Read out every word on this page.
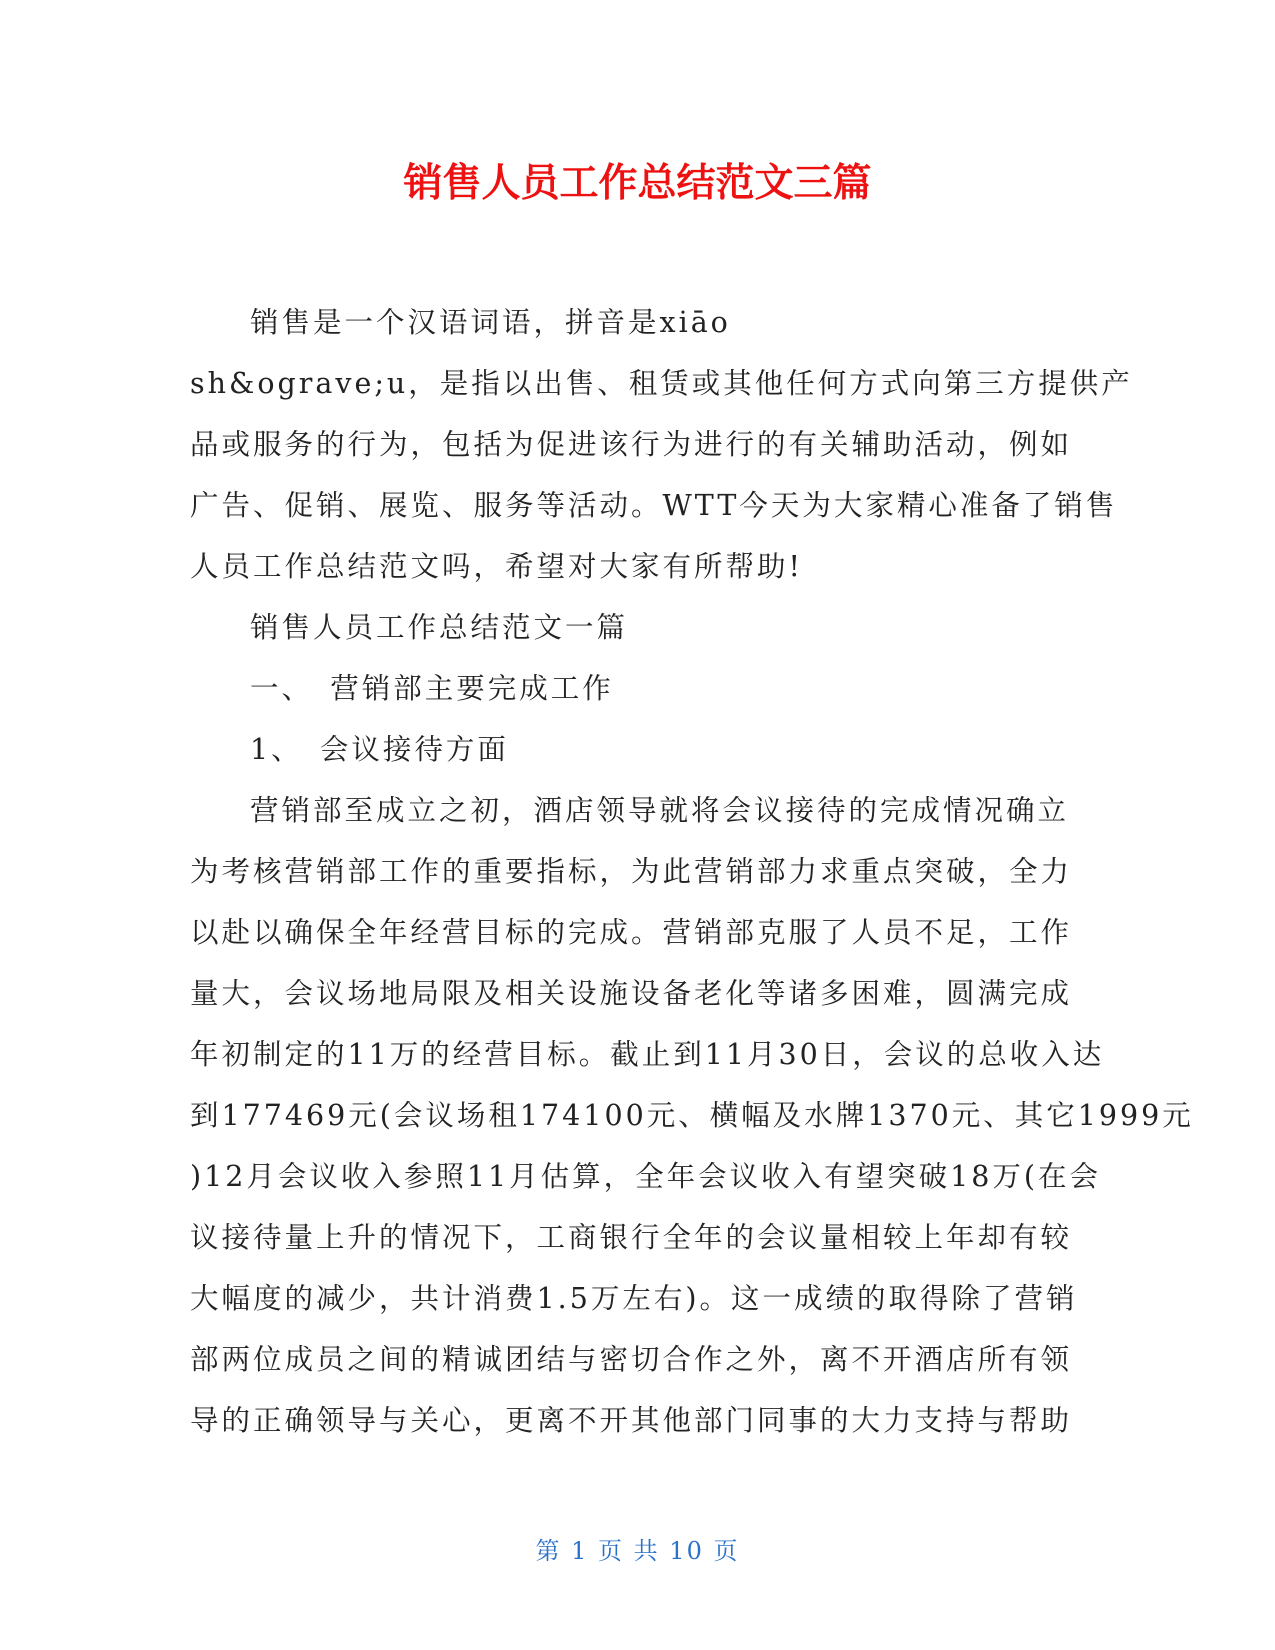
销售人员工作总结范文三篇
销售是一个汉语词语，拼音是xiāo
sh&ograve;u，是指以出售、租赁或其他任何方式向第三方提供产
品或服务的行为，包括为促进该行为进行的有关辅助活动，例如
广告、促销、展览、服务等活动。WTT今天为大家精心准备了销售
人员工作总结范文吗，希望对大家有所帮助!
销售人员工作总结范文一篇
一、　营销部主要完成工作
1、　会议接待方面
营销部至成立之初，酒店领导就将会议接待的完成情况确立
为考核营销部工作的重要指标，为此营销部力求重点突破，全力
以赴以确保全年经营目标的完成。营销部克服了人员不足，工作
量大，会议场地局限及相关设施设备老化等诸多困难，圆满完成
年初制定的11万的经营目标。截止到11月30日，会议的总收入达
到177469元(会议场租174100元、横幅及水牌1370元、其它1999元
)12月会议收入参照11月估算，全年会议收入有望突破18万(在会
议接待量上升的情况下，工商银行全年的会议量相较上年却有较
大幅度的减少，共计消费1.5万左右)。这一成绩的取得除了营销
部两位成员之间的精诚团结与密切合作之外，离不开酒店所有领
导的正确领导与关心，更离不开其他部门同事的大力支持与帮助
第 1 页 共 10 页
